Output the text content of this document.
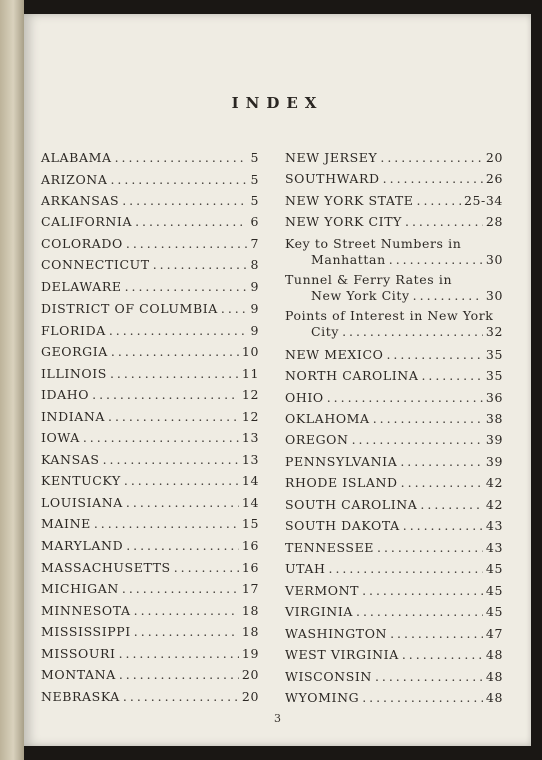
INDEX
ALABAMA . . .	5
ARIZONA . . .	5
ARKANSAS . . .	5
CALIFORNIA . . .	6
COLORADO . . .	7
CONNECTICUT . . .	8
DELAWARE . . .	9
DISTRICT OF COLUMBIA . . .	9
FLORIDA . . .	9
GEORGIA . . .	10
ILLINOIS . . .	11
IDAHO . . .	12
INDIANA . . .	12
IOWA . . .	13
KANSAS . . .	13
KENTUCKY . . .	14
LOUISIANA . . .	14
MAINE . . .	15
MARYLAND . . .	16
MASSACHUSETTS . . .	16
MICHIGAN . . .	17
MINNESOTA . . .	18
MISSISSIPPI . . .	18
MISSOURI . . .	19
MONTANA . . .	20
NEBRASKA . . .	20
NEW JERSEY . . .	20
SOUTHWARD . . .	26
NEW YORK STATE . . .	25-34
NEW YORK CITY . . .	28
Key to Street Numbers in
Manhattan . . .	30
Tunnel & Ferry Rates in
New York City . . .	30
Points of Interest in New York
City . . .	32
NEW MEXICO . . .	35
NORTH CAROLINA . . .	35
OHIO . . .	36
OKLAHOMA . . .	38
OREGON . . .	39
PENNSYLVANIA . . .	39
RHODE ISLAND . . .	42
SOUTH CAROLINA . . .	42
SOUTH DAKOTA . . .	43
TENNESSEE . . .	43
UTAH . . .	45
VERMONT . . .	45
VIRGINIA . . .	45
WASHINGTON . . .	47
WEST VIRGINIA . . .	48
WISCONSIN . . .	48
WYOMING . . .	48
3
